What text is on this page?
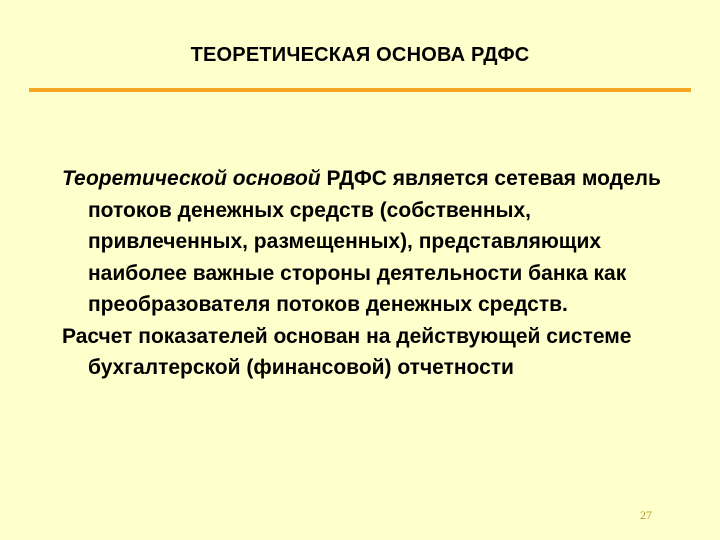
ТЕОРЕТИЧЕСКАЯ ОСНОВА РДФС

Теоретической основой РДФС является сетевая модель потоков денежных средств (собственных, привлеченных, размещенных), представляющих наиболее важные стороны деятельности банка как преобразователя потоков денежных средств.

Расчет показателей основан на действующей системе бухгалтерской (финансовой) отчетности

27
